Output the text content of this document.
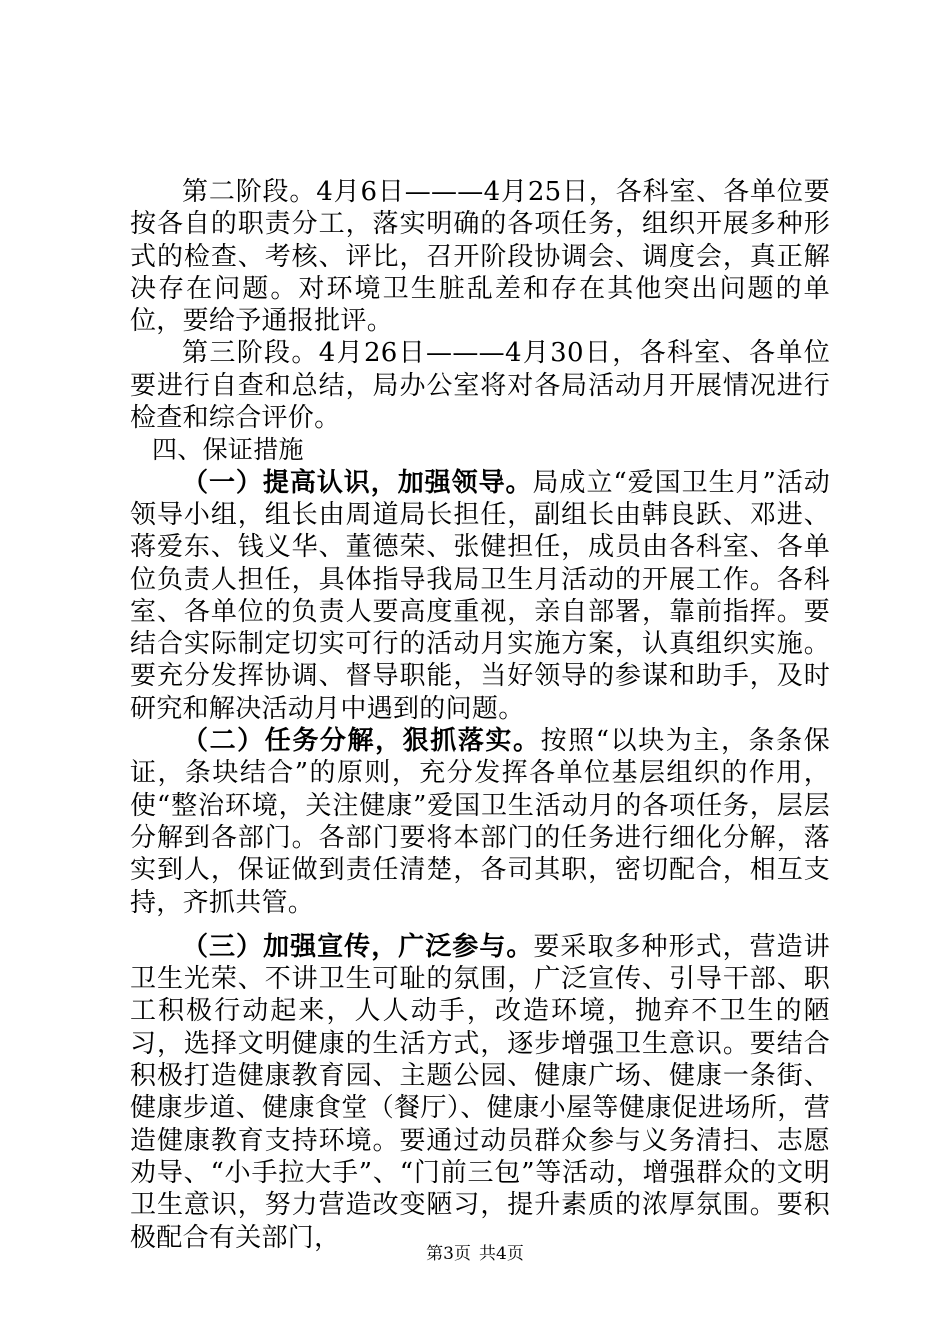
第二阶段。4月6日———4月25日，各科室、各单位要按各自的职责分工，落实明确的各项任务，组织开展多种形式的检查、考核、评比，召开阶段协调会、调度会，真正解决存在问题。对环境卫生脏乱差和存在其他突出问题的单位，要给予通报批评。

第三阶段。4月26日———4月30日，各科室、各单位要进行自查和总结，局办公室将对各局活动月开展情况进行检查和综合评价。

四、保证措施

（一）提高认识，加强领导。局成立“爱国卫生月”活动领导小组，组长由周道局长担任，副组长由韩良跃、邓进、蒋爱东、钱义华、董德荣、张健担任，成员由各科室、各单位负责人担任，具体指导我局卫生月活动的开展工作。各科室、各单位的负责人要高度重视，亲自部署，靠前指挥。要结合实际制定切实可行的活动月实施方案，认真组织实施。要充分发挥协调、督导职能，当好领导的参谋和助手，及时研究和解决活动月中遇到的问题。

（二）任务分解，狠抓落实。按照“以块为主，条条保证，条块结合”的原则，充分发挥各单位基层组织的作用，使“整治环境，关注健康”爱国卫生活动月的各项任务，层层分解到各部门。各部门要将本部门的任务进行细化分解，落实到人，保证做到责任清楚，各司其职，密切配合，相互支持，齐抓共管。

（三）加强宣传，广泛参与。要采取多种形式，营造讲卫生光荣、不讲卫生可耻的氛围，广泛宣传、引导干部、职工积极行动起来，人人动手，改造环境，抛弃不卫生的陋习，选择文明健康的生活方式，逐步增强卫生意识。要结合积极打造健康教育园、主题公园、健康广场、健康一条街、健康步道、健康食堂（餐厅）、健康小屋等健康促进场所，营造健康教育支持环境。要通过动员群众参与义务清扫、志愿劝导、“小手拉大手”、“门前三包”等活动，增强群众的文明卫生意识，努力营造改变陋习，提升素质的浓厚氛围。要积极配合有关部门，

第3页 共4页
